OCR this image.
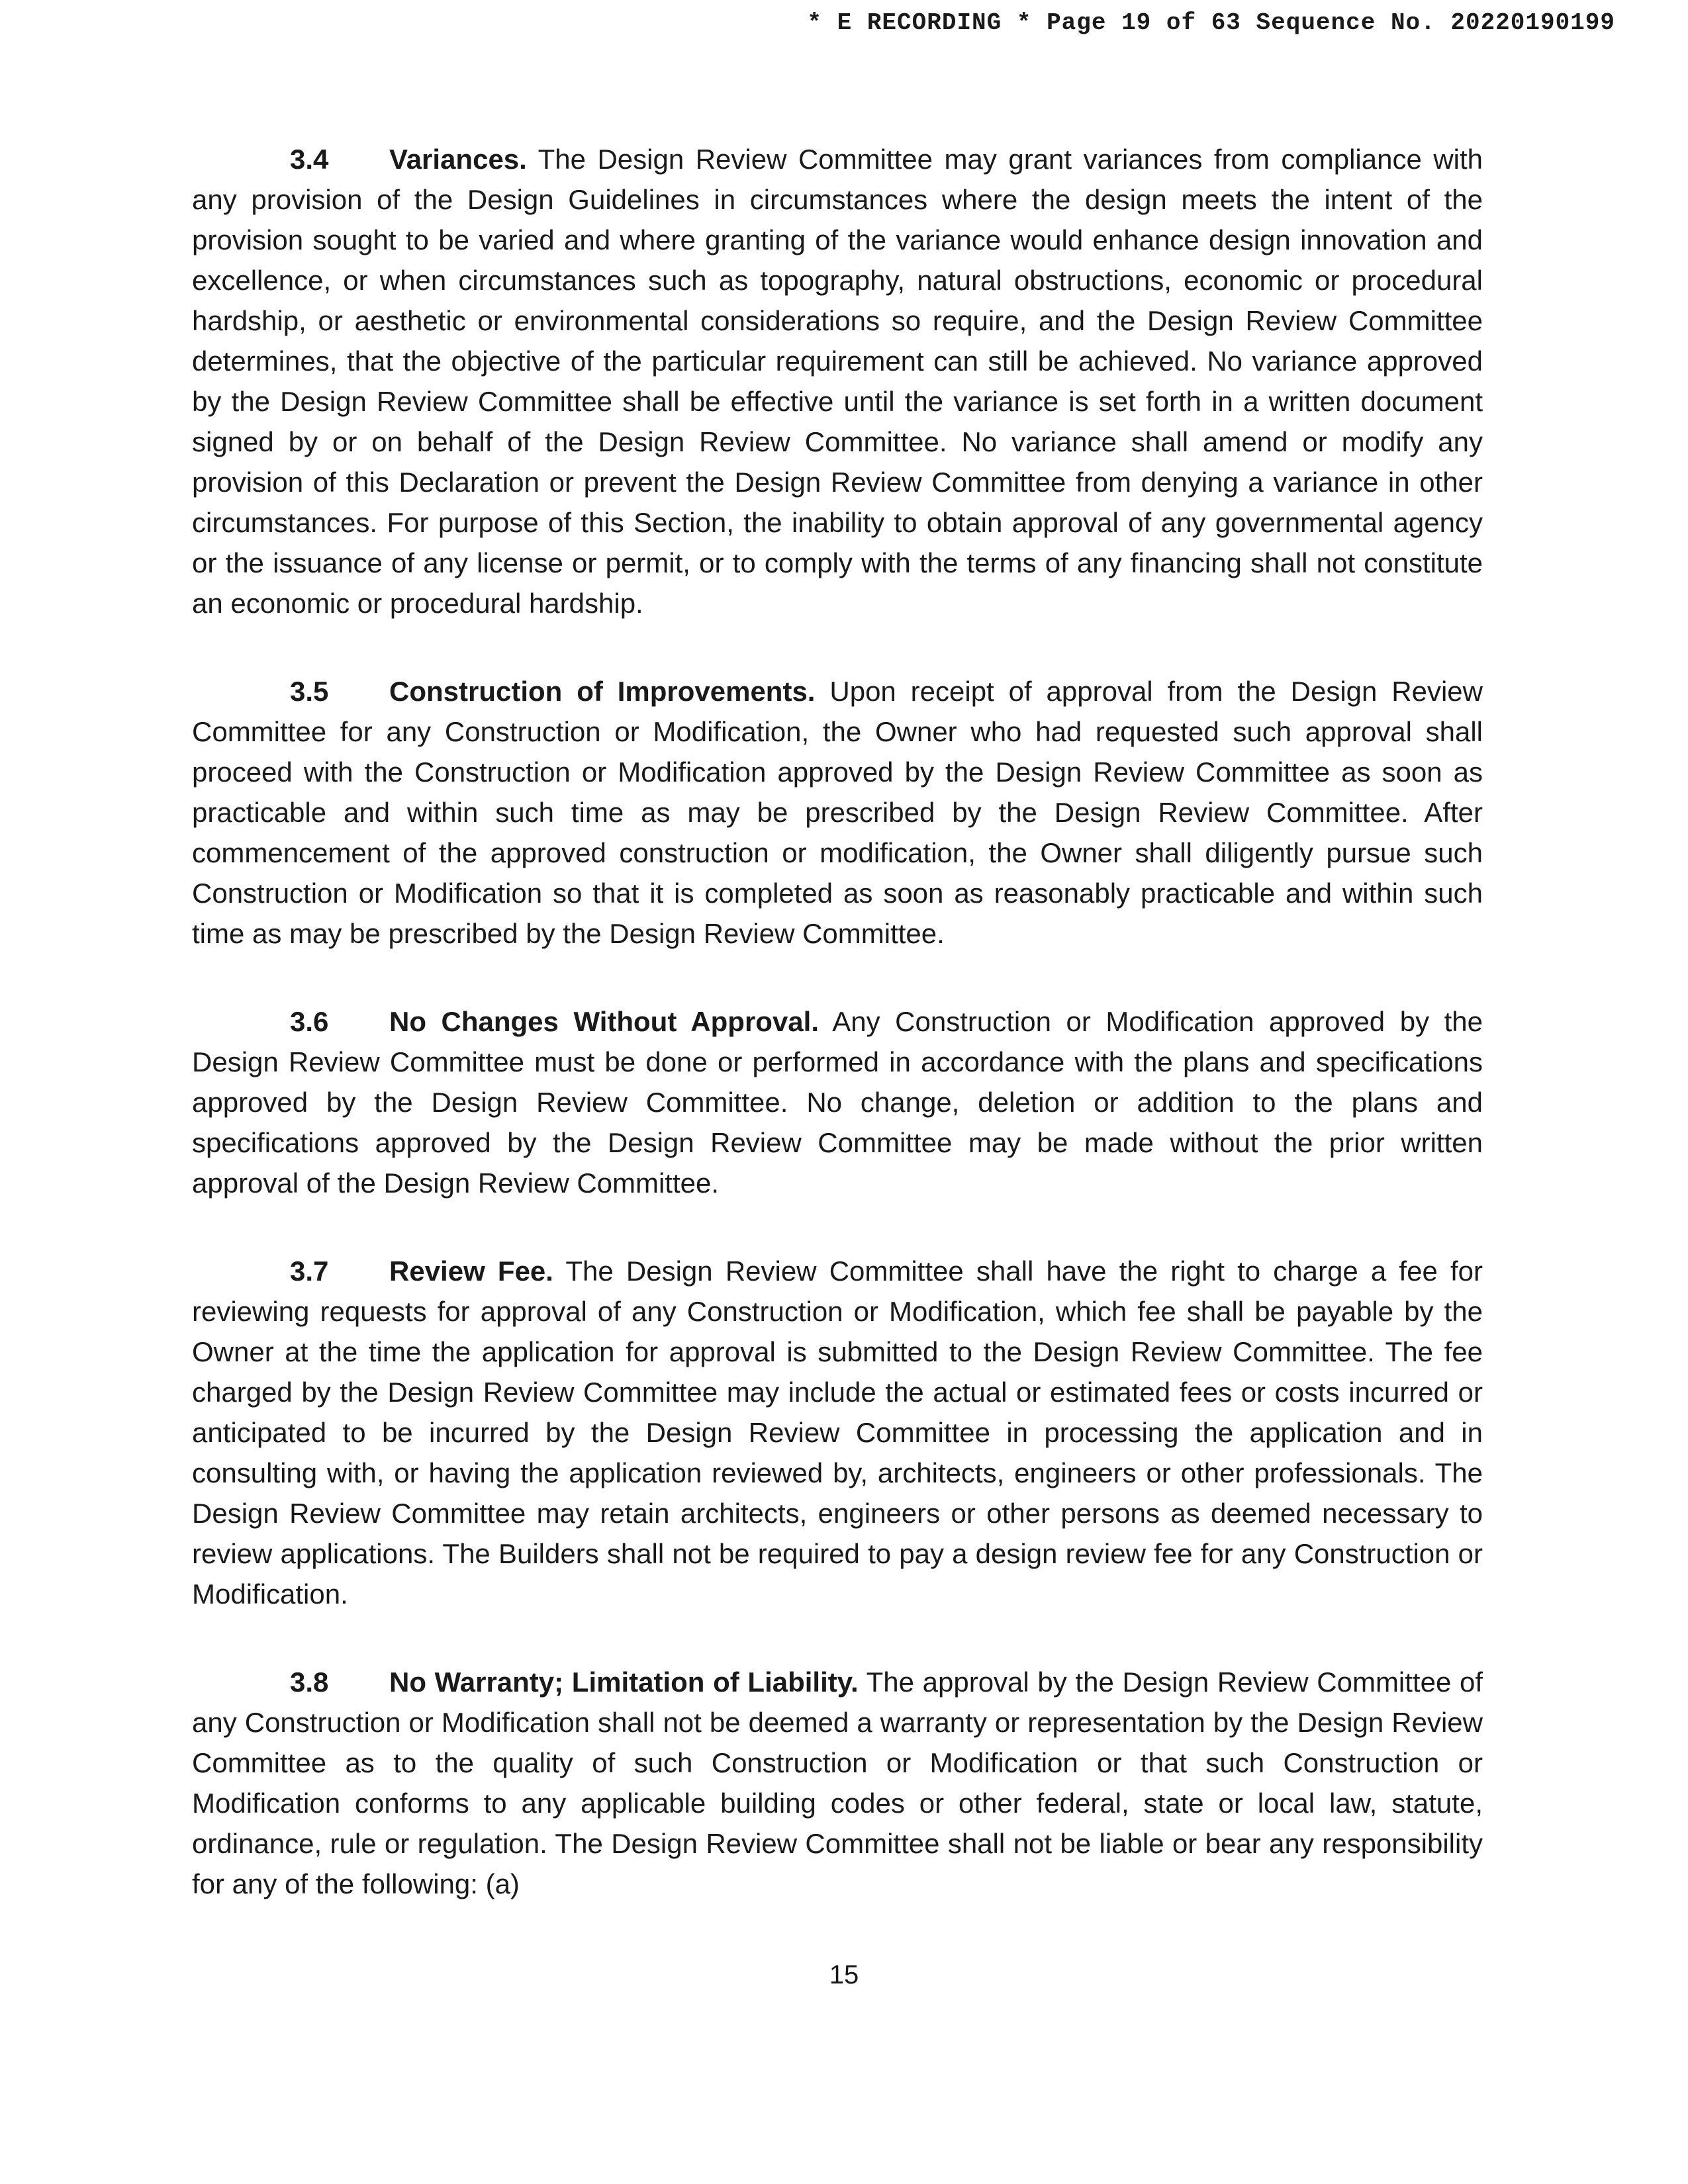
* E RECORDING * Page 19 of 63 Sequence No. 20220190199

3.4 Variances. The Design Review Committee may grant variances from compliance with any provision of the Design Guidelines in circumstances where the design meets the intent of the provision sought to be varied and where granting of the variance would enhance design innovation and excellence, or when circumstances such as topography, natural obstructions, economic or procedural hardship, or aesthetic or environmental considerations so require, and the Design Review Committee determines, that the objective of the particular requirement can still be achieved. No variance approved by the Design Review Committee shall be effective until the variance is set forth in a written document signed by or on behalf of the Design Review Committee. No variance shall amend or modify any provision of this Declaration or prevent the Design Review Committee from denying a variance in other circumstances. For purpose of this Section, the inability to obtain approval of any governmental agency or the issuance of any license or permit, or to comply with the terms of any financing shall not constitute an economic or procedural hardship.

3.5 Construction of Improvements. Upon receipt of approval from the Design Review Committee for any Construction or Modification, the Owner who had requested such approval shall proceed with the Construction or Modification approved by the Design Review Committee as soon as practicable and within such time as may be prescribed by the Design Review Committee. After commencement of the approved construction or modification, the Owner shall diligently pursue such Construction or Modification so that it is completed as soon as reasonably practicable and within such time as may be prescribed by the Design Review Committee.

3.6 No Changes Without Approval. Any Construction or Modification approved by the Design Review Committee must be done or performed in accordance with the plans and specifications approved by the Design Review Committee. No change, deletion or addition to the plans and specifications approved by the Design Review Committee may be made without the prior written approval of the Design Review Committee.

3.7 Review Fee. The Design Review Committee shall have the right to charge a fee for reviewing requests for approval of any Construction or Modification, which fee shall be payable by the Owner at the time the application for approval is submitted to the Design Review Committee. The fee charged by the Design Review Committee may include the actual or estimated fees or costs incurred or anticipated to be incurred by the Design Review Committee in processing the application and in consulting with, or having the application reviewed by, architects, engineers or other professionals. The Design Review Committee may retain architects, engineers or other persons as deemed necessary to review applications. The Builders shall not be required to pay a design review fee for any Construction or Modification.

3.8 No Warranty; Limitation of Liability. The approval by the Design Review Committee of any Construction or Modification shall not be deemed a warranty or representation by the Design Review Committee as to the quality of such Construction or Modification or that such Construction or Modification conforms to any applicable building codes or other federal, state or local law, statute, ordinance, rule or regulation. The Design Review Committee shall not be liable or bear any responsibility for any of the following: (a)

15
